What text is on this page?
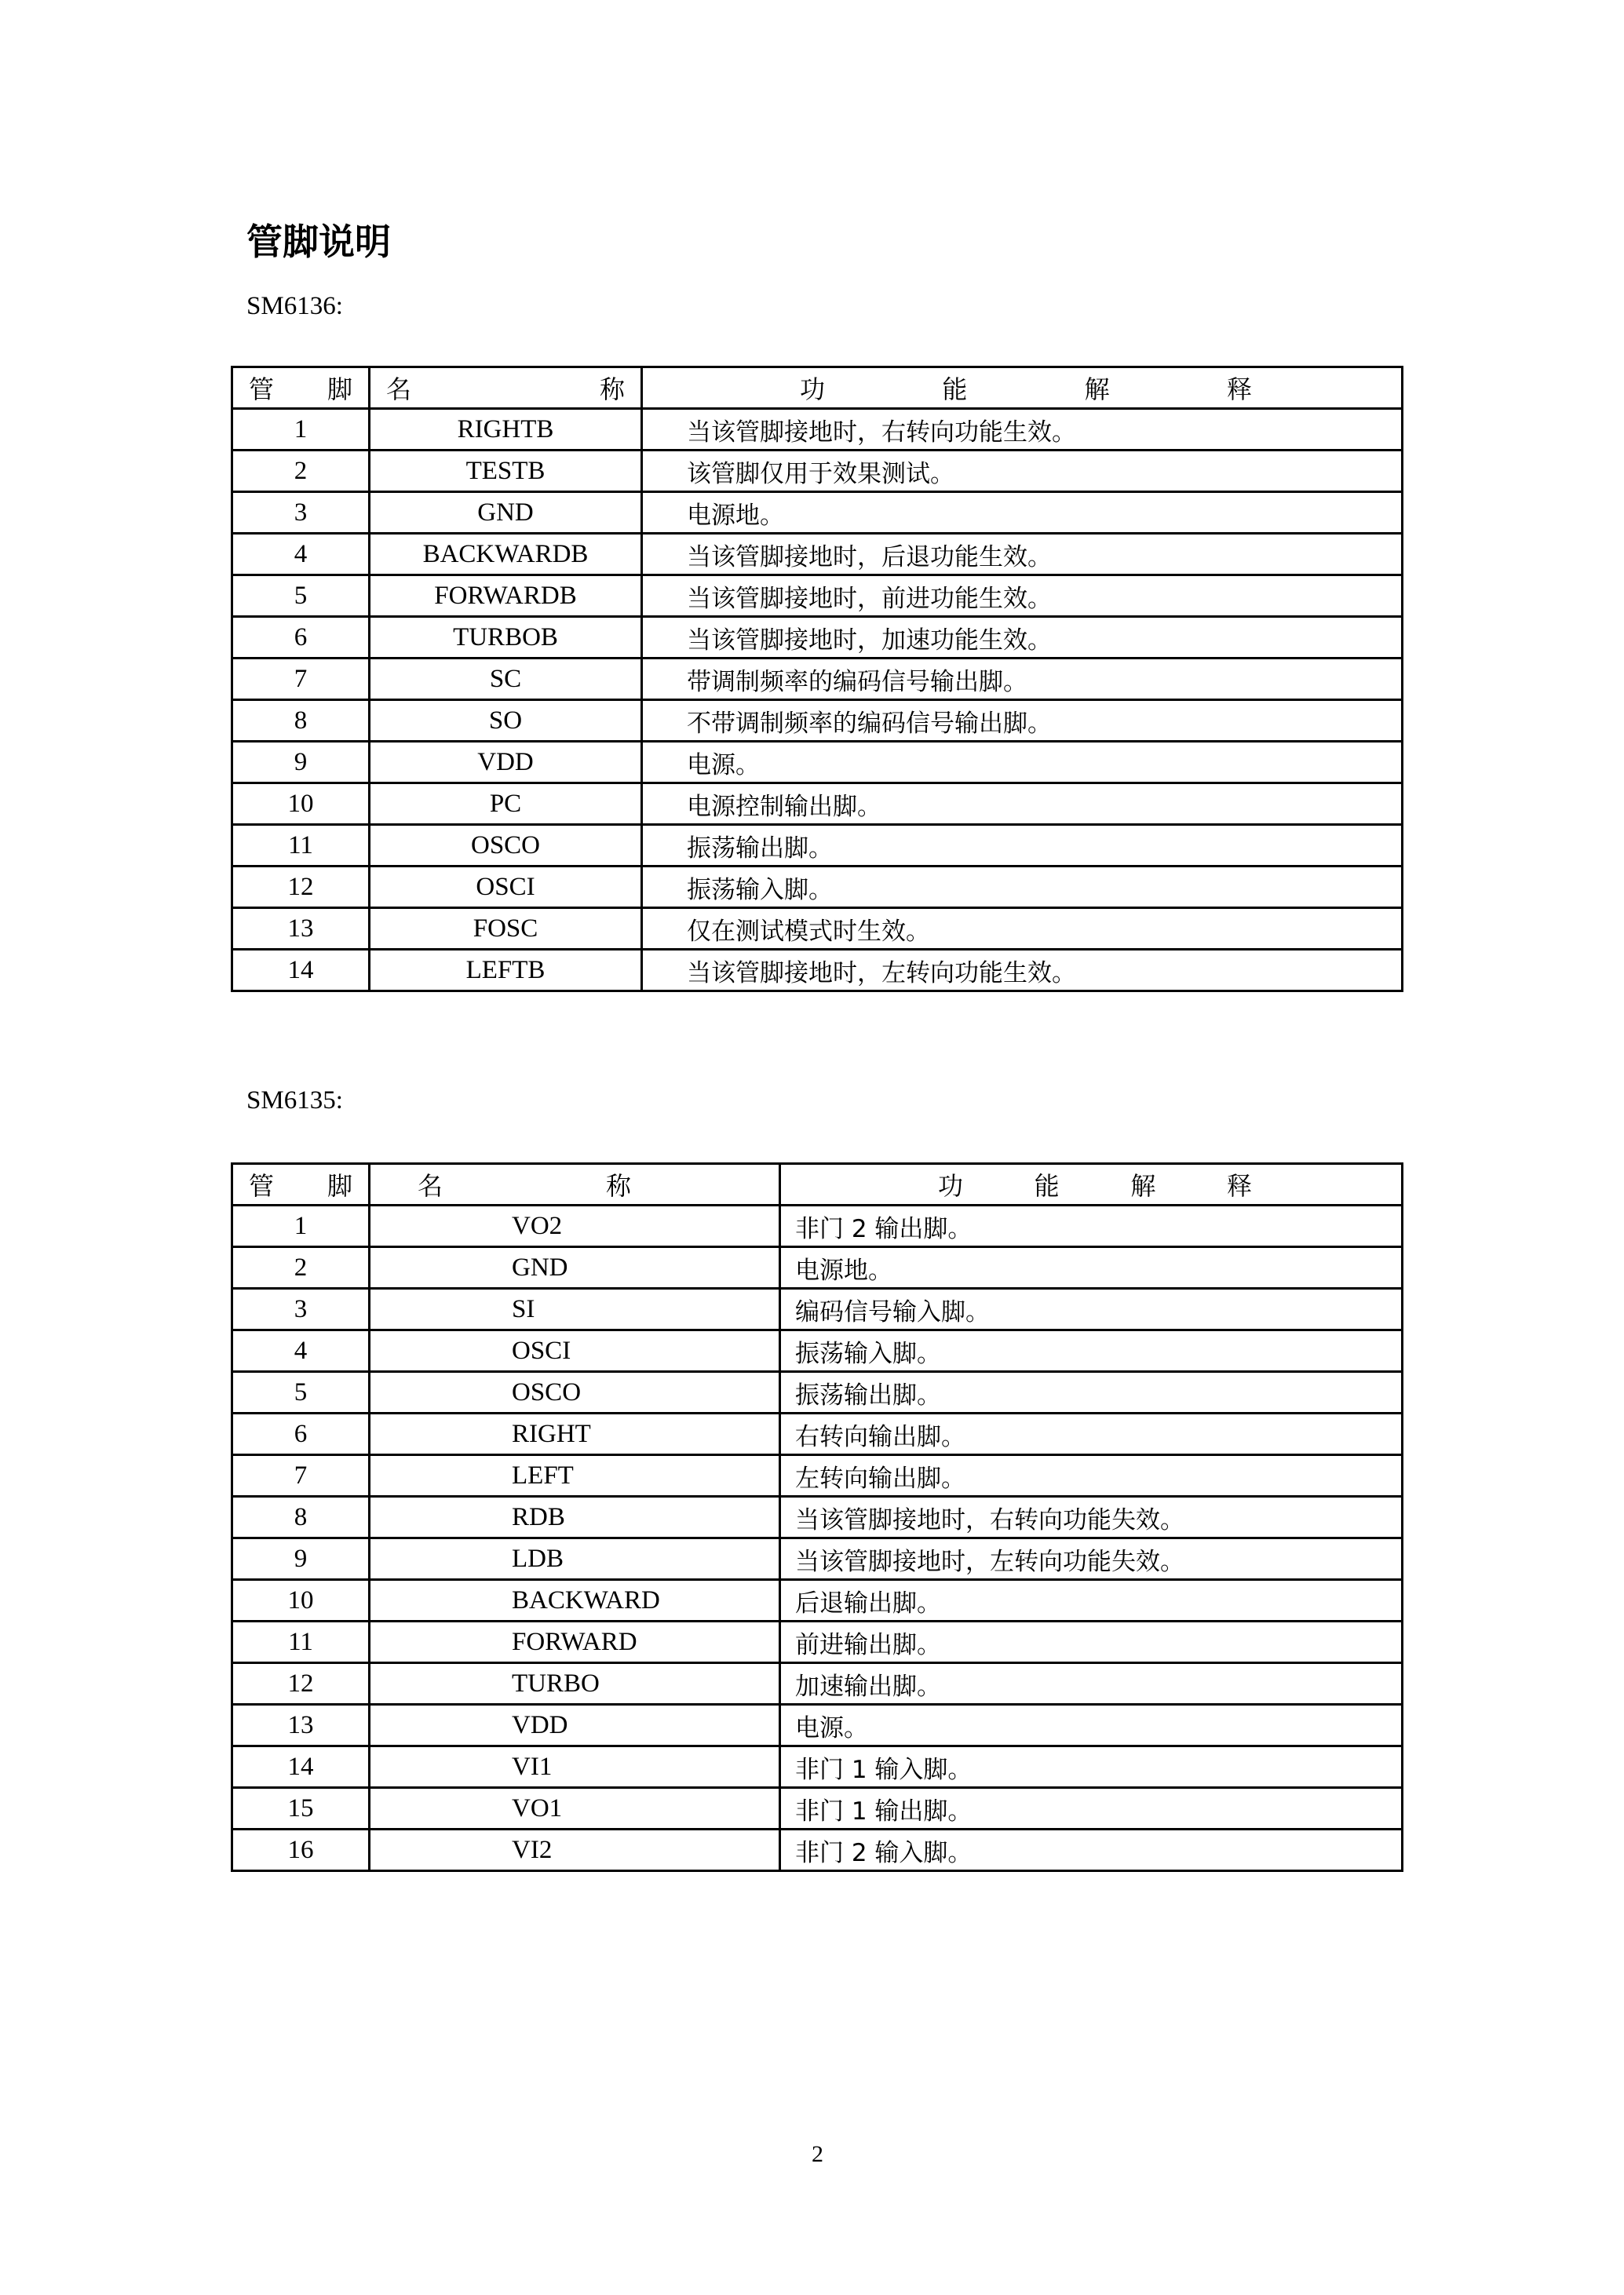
管脚说明
SM6136:
管 脚	名 称	功 能 解 释

1	RIGHTB	当该管脚接地时，右转向功能生效。
2	TESTB	该管脚仅用于效果测试。
3	GND	电源地。
4	BACKWARDB	当该管脚接地时，后退功能生效。
5	FORWARDB	当该管脚接地时，前进功能生效。
6	TURBOB	当该管脚接地时，加速功能生效。
7	SC	带调制频率的编码信号输出脚。
8	SO	不带调制频率的编码信号输出脚。
9	VDD	电源。
10	PC	电源控制输出脚。
11	OSCO	振荡输出脚。
12	OSCI	振荡输入脚。
13	FOSC	仅在测试模式时生效。
14	LEFTB	当该管脚接地时，左转向功能生效。
SM6135:
管 脚	名 称	功 能 解 释

1	VO2	非门 2 输出脚。
2	GND	电源地。
3	SI	编码信号输入脚。
4	OSCI	振荡输入脚。
5	OSCO	振荡输出脚。
6	RIGHT	右转向输出脚。
7	LEFT	左转向输出脚。
8	RDB	当该管脚接地时，右转向功能失效。
9	LDB	当该管脚接地时，左转向功能失效。
10	BACKWARD	后退输出脚。
11	FORWARD	前进输出脚。
12	TURBO	加速输出脚。
13	VDD	电源。
14	VI1	非门 1 输入脚。
15	VO1	非门 1 输出脚。
16	VI2	非门 2 输入脚。
2
